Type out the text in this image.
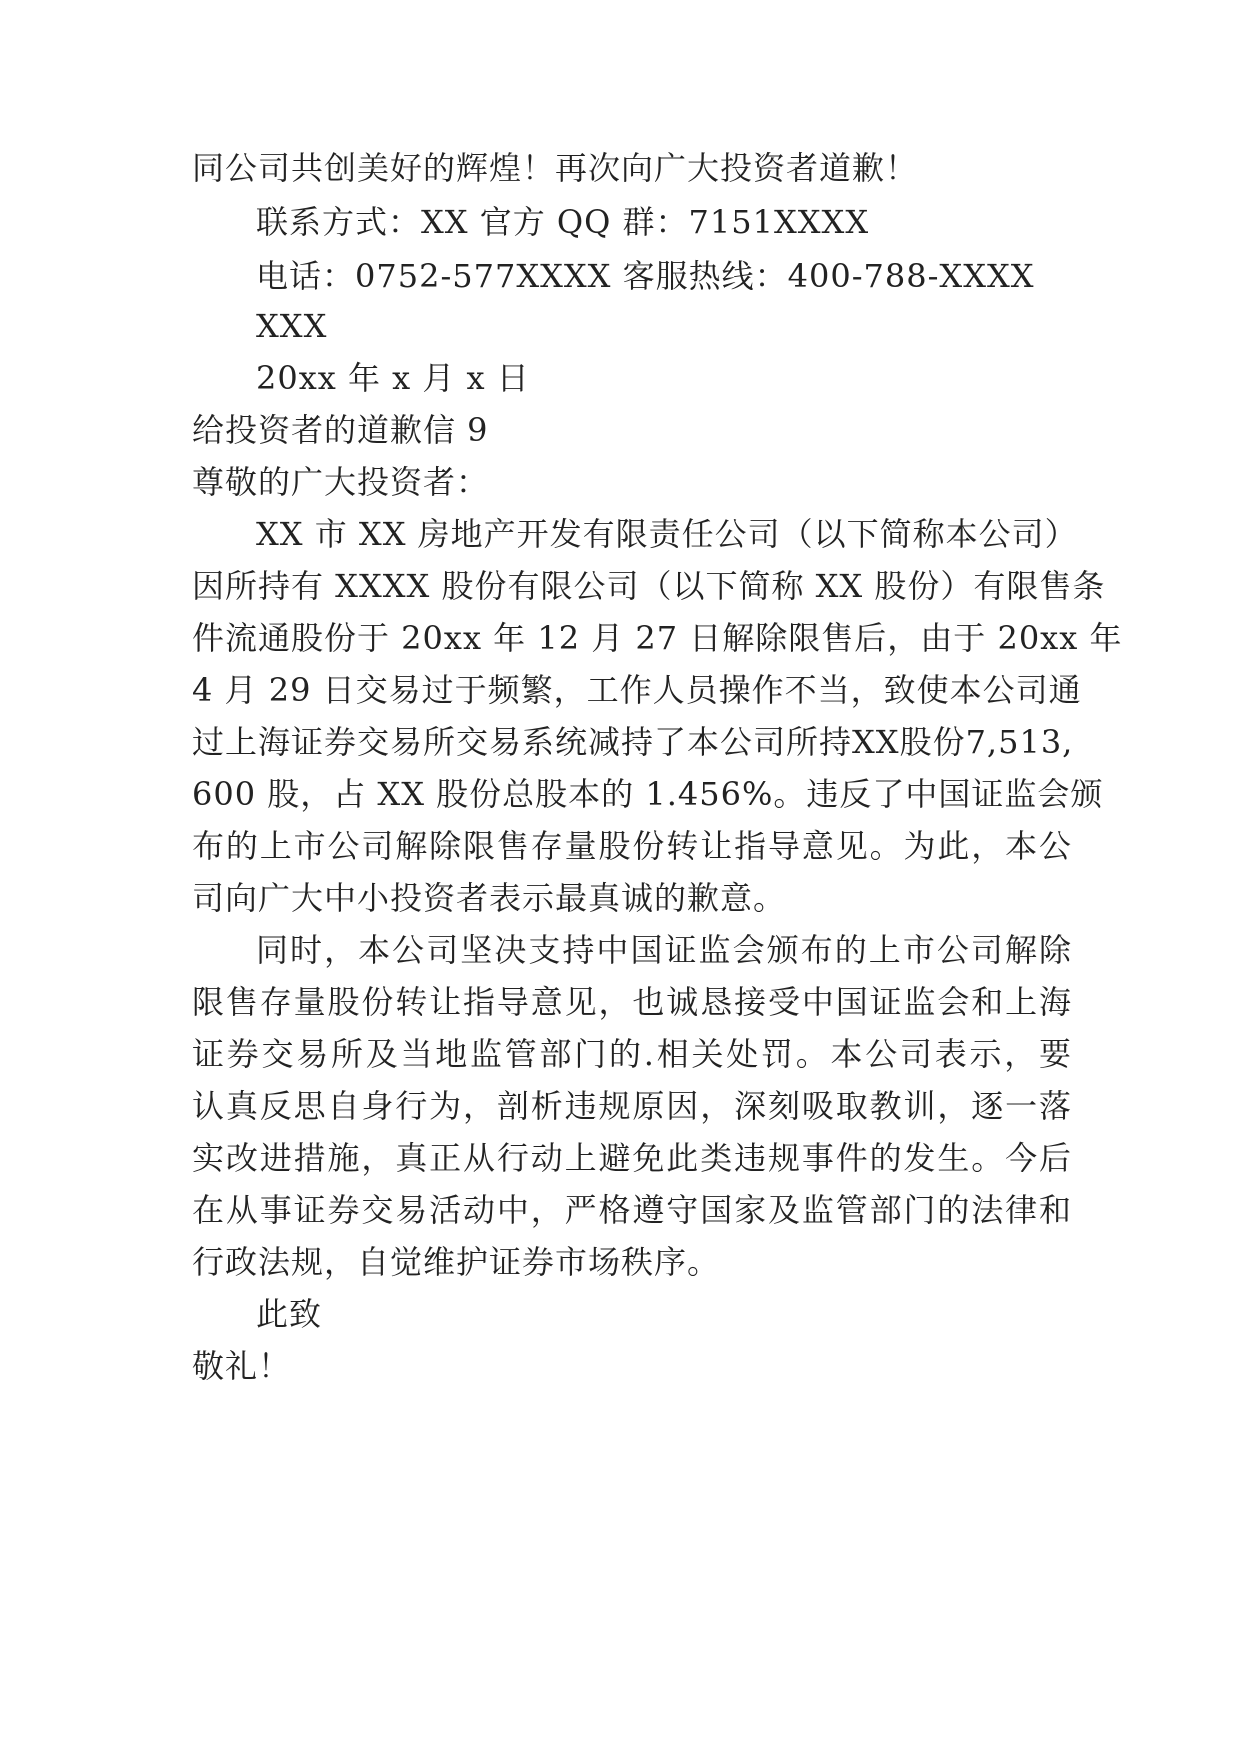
同公司共创美好的辉煌！再次向广大投资者道歉！
联系方式：XX 官方 QQ 群：7151XXXX
电话：0752-577XXXX 客服热线：400-788-XXXX
XXX
20xx 年 x 月 x 日
给投资者的道歉信 9
尊敬的广大投资者：
XX 市 XX 房地产开发有限责任公司（以下简称本公司）
因所持有 XXXX 股份有限公司（以下简称 XX 股份）有限售条
件流通股份于 20xx 年 12 月 27 日解除限售后，由于 20xx 年
4 月 29 日交易过于频繁，工作人员操作不当，致使本公司通
过上海证券交易所交易系统减持了本公司所持XX股份7,513,
600 股，占 XX 股份总股本的 1.456%。违反了中国证监会颁
布的上市公司解除限售存量股份转让指导意见。为此，本公
司向广大中小投资者表示最真诚的歉意。
同时，本公司坚决支持中国证监会颁布的上市公司解除
限售存量股份转让指导意见，也诚恳接受中国证监会和上海
证券交易所及当地监管部门的.相关处罚。本公司表示，要
认真反思自身行为，剖析违规原因，深刻吸取教训，逐一落
实改进措施，真正从行动上避免此类违规事件的发生。今后
在从事证券交易活动中，严格遵守国家及监管部门的法律和
行政法规，自觉维护证券市场秩序。
此致
敬礼！
